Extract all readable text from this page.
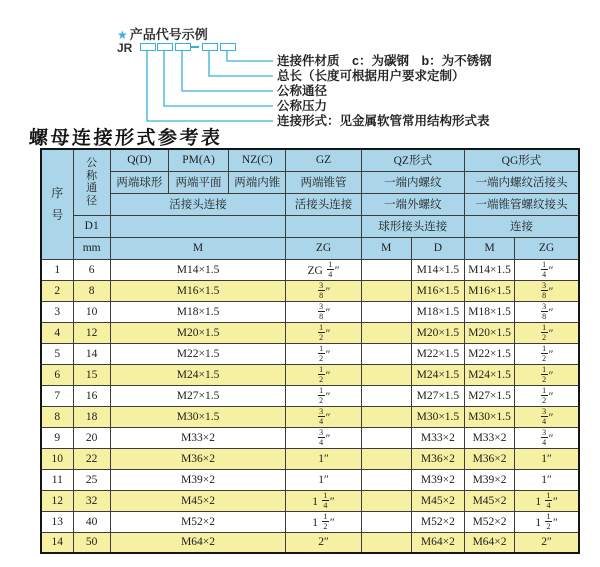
★ 产品代号示例
JR
连接件材质　c：为碳钢　b：为不锈钢
总长（长度可根据用户要求定制）
公称通径
公称压力
连接形式：见金属软管常用结构形式表
螺母连接形式参考表
序
号

公
称
通
径
	Q(D)	PM(A)	NZ(C)	GZ	QZ形式	QG形式
		两端球形	两端平面	两端内锥	两端锥管	一端内螺纹		一端内螺纹活接头	
		活接头连接			活接头连接	一端外螺纹		一端锥管螺纹接头	
	D1					球形接头连接		连接	
	mm	M			ZG	M	D	M	ZG
1	6	M14×1.5			ZG $\frac{1}{4}$ ″		M14×1.5	M14×1.5	$\frac{1}{4}$ ″
2	8	M16×1.5			$\frac{3}{8}$ ″		M16×1.5	M16×1.5	$\frac{3}{8}$ ″
3	10	M18×1.5			$\frac{3}{8}$ ″		M18×1.5	M18×1.5	$\frac{3}{8}$ ″
4	12	M20×1.5			$\frac{1}{2}$ ″		M20×1.5	M20×1.5	$\frac{1}{2}$ ″
5	14	M22×1.5			$\frac{1}{2}$ ″		M22×1.5	M22×1.5	$\frac{1}{2}$ ″
6	15	M24×1.5			$\frac{1}{2}$ ″		M24×1.5	M24×1.5	$\frac{1}{2}$ ″
7	16	M27×1.5			$\frac{1}{2}$ ″		M27×1.5	M27×1.5	$\frac{1}{2}$ ″
8	18	M30×1.5			$\frac{3}{4}$ ″		M30×1.5	M30×1.5	$\frac{3}{4}$ ″
9	20	M33×2			$\frac{3}{4}$ ″		M33×2	M33×2	$\frac{3}{4}$ ″
10	22	M36×2			1″		M36×2	M36×2	1″
11	25	M39×2			1″		M39×2	M39×2	1″
12	32	M45×2			$1 \frac{1}{4}$ ″		M45×2	M45×2	$1 \frac{1}{4}$ ″
13	40	M52×2			$1 \frac{1}{2}$ ″		M52×2	M52×2	$1 \frac{1}{2}$ ″
14	50	M64×2			2″		M64×2	M64×2	2″
